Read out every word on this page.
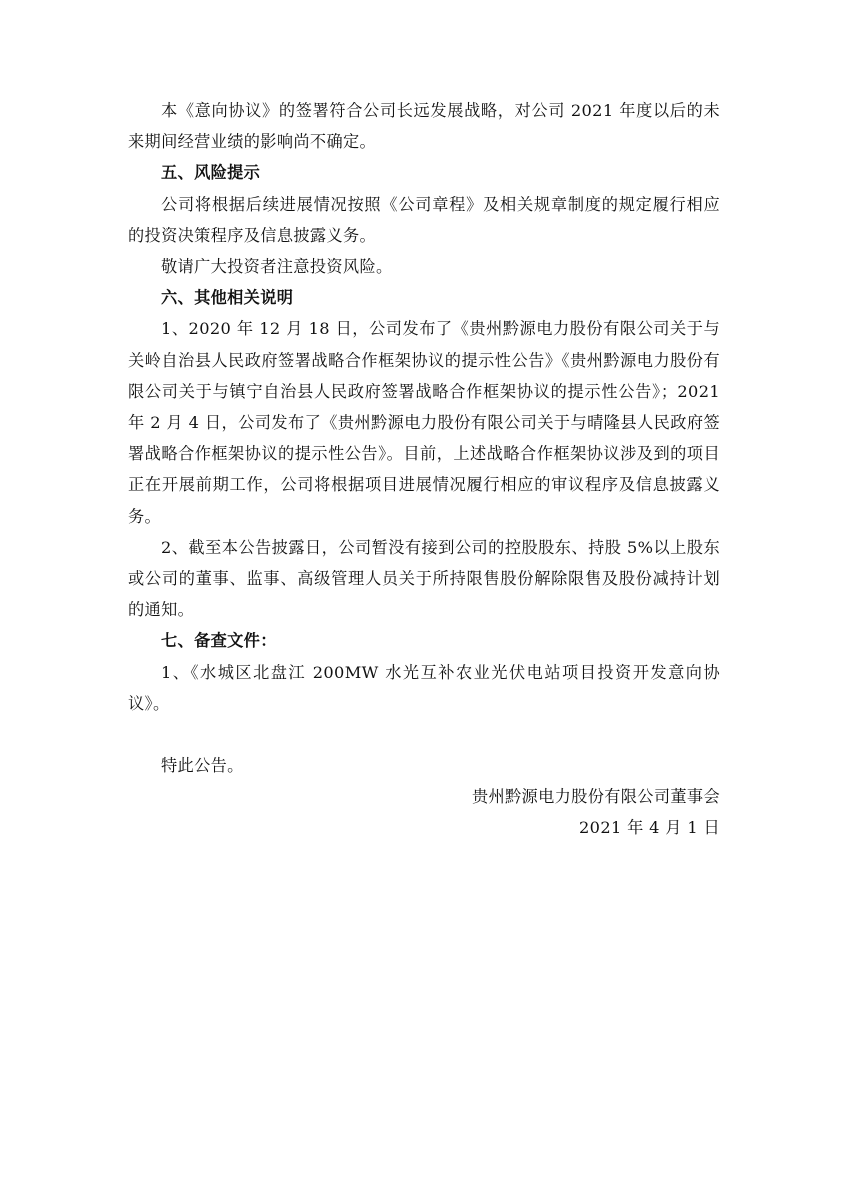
本《意向协议》的签署符合公司长远发展战略，对公司 2021 年度以后的未来期间经营业绩的影响尚不确定。

五、风险提示

公司将根据后续进展情况按照《公司章程》及相关规章制度的规定履行相应的投资决策程序及信息披露义务。

敬请广大投资者注意投资风险。

六、其他相关说明

1、2020 年 12 月 18 日，公司发布了《贵州黔源电力股份有限公司关于与关岭自治县人民政府签署战略合作框架协议的提示性公告》《贵州黔源电力股份有限公司关于与镇宁自治县人民政府签署战略合作框架协议的提示性公告》；2021 年 2 月 4 日，公司发布了《贵州黔源电力股份有限公司关于与晴隆县人民政府签署战略合作框架协议的提示性公告》。目前，上述战略合作框架协议涉及到的项目正在开展前期工作，公司将根据项目进展情况履行相应的审议程序及信息披露义务。

2、截至本公告披露日，公司暂没有接到公司的控股股东、持股 5%以上股东或公司的董事、监事、高级管理人员关于所持限售股份解除限售及股份减持计划的通知。

七、备查文件：

1、《水城区北盘江 200MW 水光互补农业光伏电站项目投资开发意向协议》。

特此公告。

贵州黔源电力股份有限公司董事会

2021 年 4 月 1 日
